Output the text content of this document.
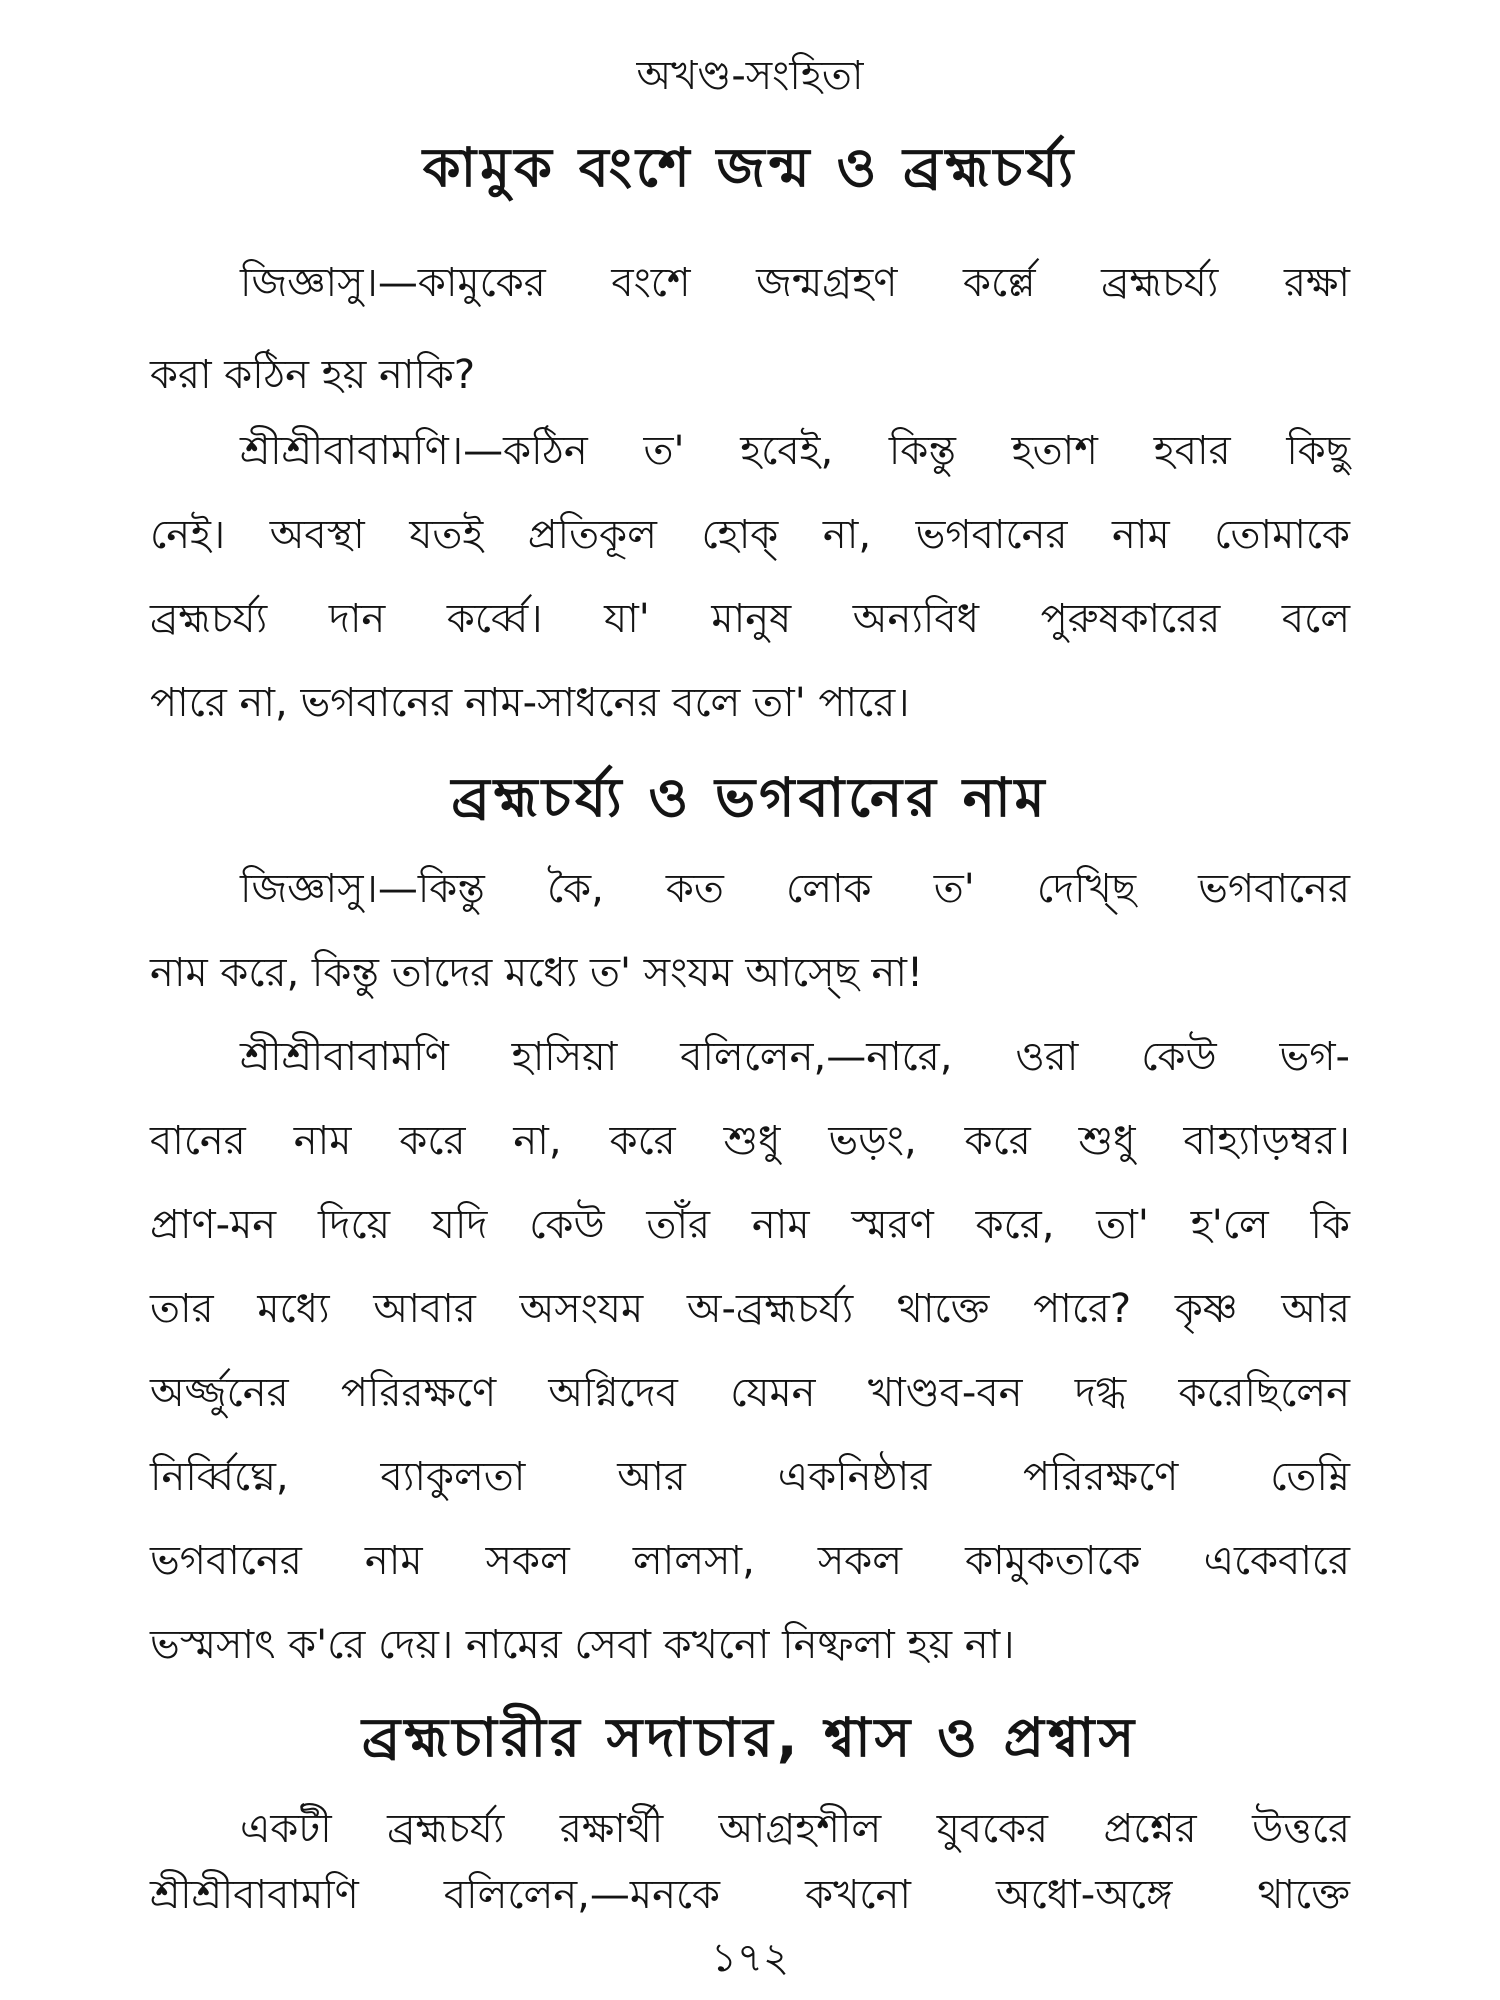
অখণ্ড-সংহিতা
কামুক বংশে জন্ম ও ব্রহ্মচর্য্য
জিজ্ঞাসু।—কামুকের বংশে জন্মগ্রহণ কর্ল্লে ব্রহ্মচর্য্য রক্ষা
করা কঠিন হয় নাকি?
শ্রীশ্রীবাবামণি।—কঠিন ত' হবেই, কিন্তু হতাশ হবার কিছু
নেই। অবস্থা যতই প্রতিকূল হোক্ না, ভগবানের নাম তোমাকে
ব্রহ্মচর্য্য দান কর্ব্বে। যা' মানুষ অন্যবিধ পুরুষকারের বলে
পারে না, ভগবানের নাম-সাধনের বলে তা' পারে।
ব্রহ্মচর্য্য ও ভগবানের নাম
জিজ্ঞাসু।—কিন্তু কৈ, কত লোক ত' দেখ্ছি ভগবানের
নাম করে, কিন্তু তাদের মধ্যে ত' সংযম আস্ছে না!
শ্রীশ্রীবাবামণি হাসিয়া বলিলেন,—নারে, ওরা কেউ ভগ-
বানের নাম করে না, করে শুধু ভড়ং, করে শুধু বাহ্যাড়ম্বর।
প্রাণ-মন দিয়ে যদি কেউ তাঁর নাম স্মরণ করে, তা' হ'লে কি
তার মধ্যে আবার অসংযম অ-ব্রহ্মচর্য্য থাক্তে পারে? কৃষ্ণ আর
অর্জ্জুনের পরিরক্ষণে অগ্নিদেব যেমন খাণ্ডব-বন দগ্ধ করেছিলেন
নির্ব্বিঘ্নে, ব্যাকুলতা আর একনিষ্ঠার পরিরক্ষণে তেম্নি
ভগবানের নাম সকল লালসা, সকল কামুকতাকে একেবারে
ভস্মসাৎ ক'রে দেয়। নামের সেবা কখনো নিষ্ফলা হয় না।
ব্রহ্মচারীর সদাচার, শ্বাস ও প্রশ্বাস
একটী ব্রহ্মচর্য্য রক্ষার্থী আগ্রহশীল যুবকের প্রশ্নের উত্তরে
শ্রীশ্রীবাবামণি বলিলেন,—মনকে কখনো অধো-অঙ্গে থাক্তে
১৭২
